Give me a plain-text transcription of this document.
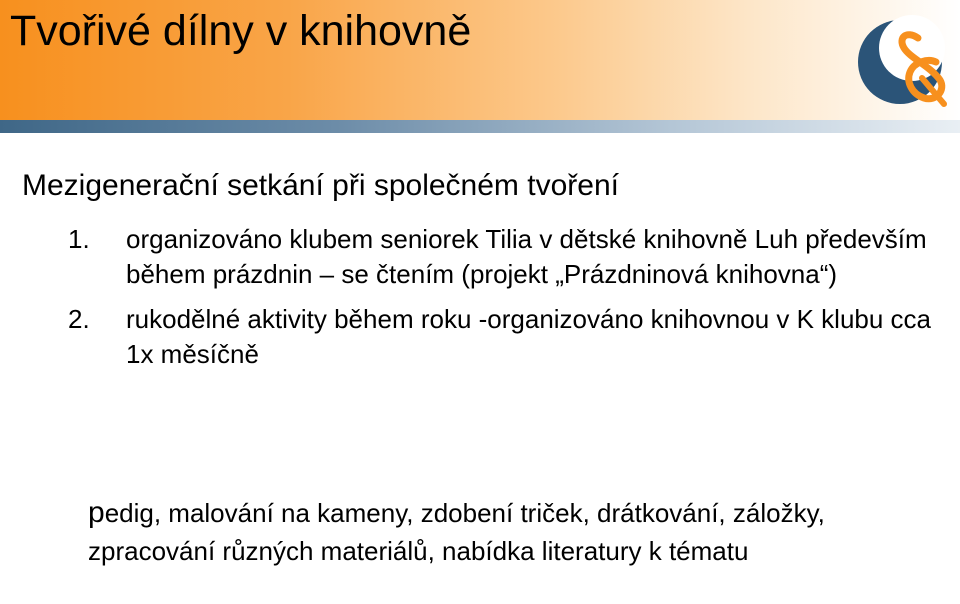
Tvořivé dílny v knihovně
Mezigenerační setkání při společném tvoření
1. organizováno klubem seniorek Tilia v dětské knihovně Luh především během prázdnin – se čtením (projekt „Prázdninová knihovna“)
2. rukodělné aktivity během roku -organizováno knihovnou v K klubu cca 1x měsíčně
pedig, malování na kameny, zdobení triček, drátkování, záložky, zpracování různých materiálů, nabídka literatury k tématu
